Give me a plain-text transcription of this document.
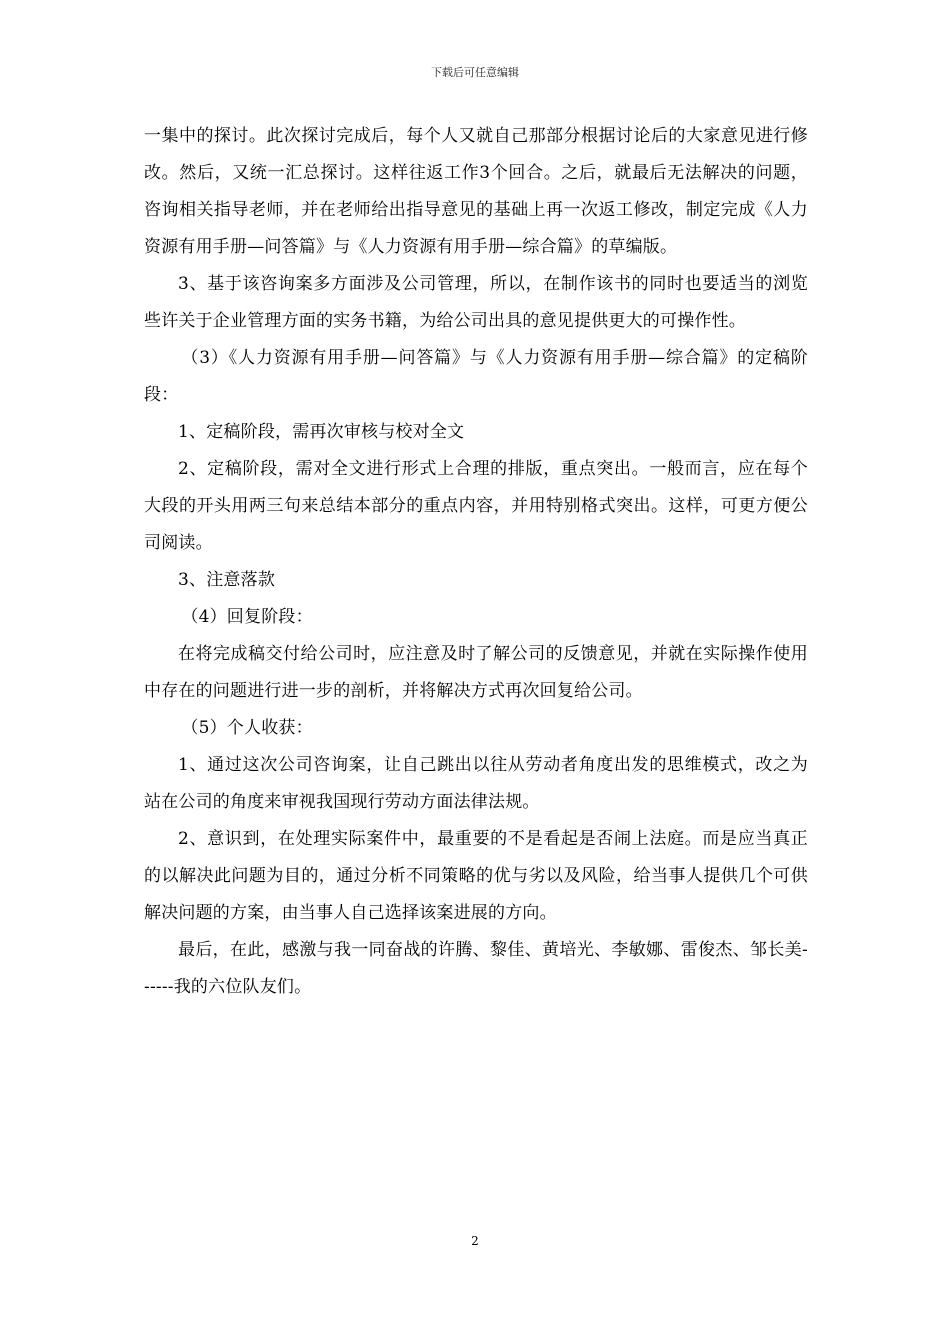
下载后可任意编辑

一集中的探讨。此次探讨完成后，每个人又就自己那部分根据讨论后的大家意见进行修改。然后，又统一汇总探讨。这样往返工作3个回合。之后，就最后无法解决的问题，咨询相关指导老师，并在老师给出指导意见的基础上再一次返工修改，制定完成《人力资源有用手册—问答篇》与《人力资源有用手册—综合篇》的草编版。

3、基于该咨询案多方面涉及公司管理，所以，在制作该书的同时也要适当的浏览些许关于企业管理方面的实务书籍，为给公司出具的意见提供更大的可操作性。

（3）《人力资源有用手册—问答篇》与《人力资源有用手册—综合篇》的定稿阶段：

1、定稿阶段，需再次审核与校对全文

2、定稿阶段，需对全文进行形式上合理的排版，重点突出。一般而言，应在每个大段的开头用两三句来总结本部分的重点内容，并用特别格式突出。这样，可更方便公司阅读。

3、注意落款

（4）回复阶段：

在将完成稿交付给公司时，应注意及时了解公司的反馈意见，并就在实际操作使用中存在的问题进行进一步的剖析，并将解决方式再次回复给公司。

（5）个人收获：

1、通过这次公司咨询案，让自己跳出以往从劳动者角度出发的思维模式，改之为站在公司的角度来审视我国现行劳动方面法律法规。

2、意识到，在处理实际案件中，最重要的不是看起是否闹上法庭。而是应当真正的以解决此问题为目的，通过分析不同策略的优与劣以及风险，给当事人提供几个可供解决问题的方案，由当事人自己选择该案进展的方向。

最后，在此，感激与我一同奋战的许腾、黎佳、黄培光、李敏娜、雷俊杰、邹长美------我的六位队友们。

2
